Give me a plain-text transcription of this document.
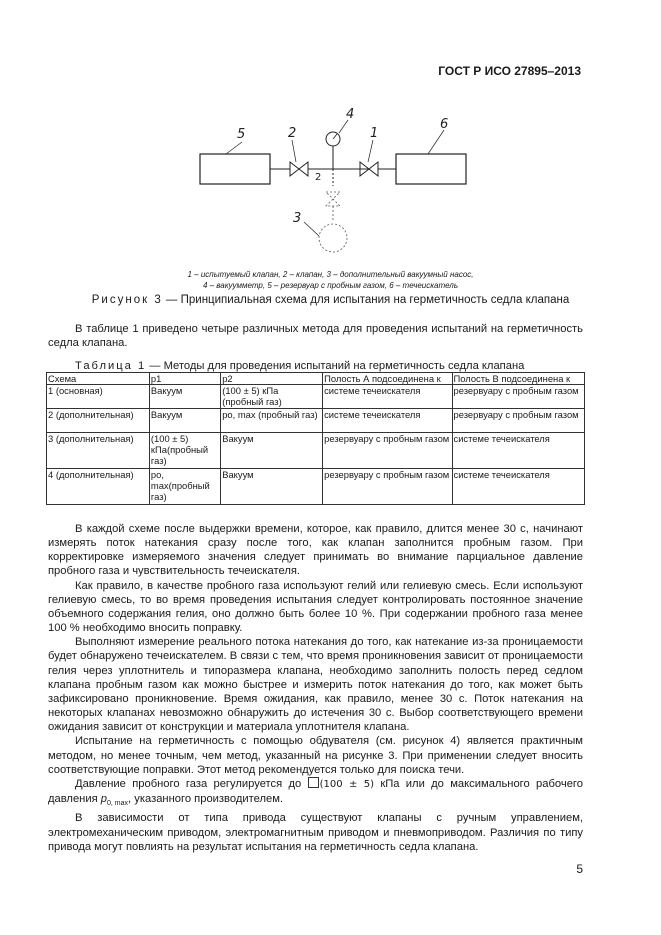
ГОСТ Р ИСО 27895–2013
5	2
4
1
6
2
3
1 – испытуемый клапан, 2 – клапан, 3 – дополнительный вакуумный насос,
4 – вакуумметр, 5 – резервуар с пробным газом, 6 – течеискатель
Рисунок 3 — Принципиальная схема для испытания на герметичность седла клапана

В таблице 1 приведено четыре различных метода для проведения испытаний на герметичность седла клапана.

Таблица 1 — Методы для проведения испытаний на герметичность седла клапана
Схема	p1	p2	Полость А подсоединена к	Полость В подсоединена к
1 (основная)	Вакуум	(100 ± 5) кПа (пробный газ)	системе течеискателя	резервуару с пробным газом
2 (дополнительная)	Вакуум	po, max (пробный газ)	системе течеискателя	резервуару с пробным газом
3 (дополнительная)	(100 ± 5) кПа(пробный газ)	Вакуум	резервуару с пробным газом	системе течеискателя
4 (дополнительная)	po, max(пробный газ)	Вакуум	резервуару с пробным газом	системе течеискателя

В каждой схеме после выдержки времени, которое, как правило, длится менее 30 с, начинают измерять поток натекания сразу после того, как клапан заполнится пробным газом. При корректировке измеряемого значения следует принимать во внимание парциальное давление пробного газа и чувствительность течеискателя.

Как правило, в качестве пробного газа используют гелий или гелиевую смесь. Если используют гелиевую смесь, то во время проведения испытания следует контролировать постоянное значение объемного содержания гелия, оно должно быть более 10 %. При содержании пробного газа менее 100 % необходимо вносить поправку.

Выполняют измерение реального потока натекания до того, как натекание из-за проницаемости будет обнаружено течеискателем. В связи с тем, что время проникновения зависит от проницаемости гелия через уплотнитель и типоразмера клапана, необходимо заполнить полость перед седлом клапана пробным газом как можно быстрее и измерить поток натекания до того, как может быть зафиксировано проникновение. Время ожидания, как правило, менее 30 с. Поток натекания на некоторых клапанах невозможно обнаружить до истечения 30 с. Выбор соответствующего времени ожидания зависит от конструкции и материала уплотнителя клапана.

Испытание на герметичность с помощью обдувателя (см. рисунок 4) является практичным методом, но менее точным, чем метод, указанный на рисунке 3. При применении следует вносить соответствующие поправки. Этот метод рекомендуется только для поиска течи.

Давление пробного газа регулируется до (100 ± 5) кПа или до максимального рабочего давления $p_{0, max}$, указанного производителем.

В зависимости от типа привода существуют клапаны с ручным управлением, электромеханическим приводом, электромагнитным приводом и пневмоприводом. Различия по типу привода могут повлиять на результат испытания на герметичность седла клапана.

5
